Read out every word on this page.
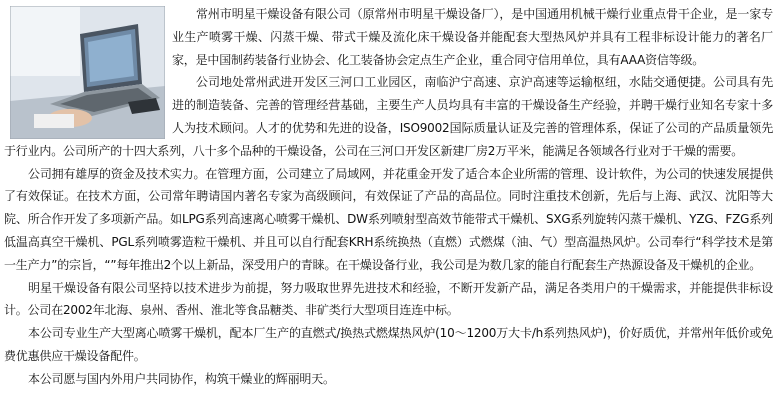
常州市明星干燥设备有限公司（原常州市明星干燥设备厂），是中国通用机械干燥行业重点骨干企业，是一家专业生产喷雾干燥、闪蒸干燥、带式干燥及流化床干燥设备并能配套大型热风炉并具有工程非标设计能力的著名厂家，是中国制药装备行业协会、化工装备协会定点生产企业，重合同守信用单位，具有AAA资信等级。

公司地处常州武进开发区三河口工业园区，南临沪宁高速、京沪高速等运输枢纽，水陆交通便捷。公司具有先进的制造装备、完善的管理经营基础，主要生产人员均具有丰富的干燥设备生产经验，并聘干燥行业知名专家十多人为技术顾问。人才的优势和先进的设备，ISO9002国际质量认证及完善的管理体系，保证了公司的产品质量领先于行业内。公司所产的十四大系列，八十多个品种的干燥设备，公司在三河口开发区新建厂房2万平米，能满足各领域各行业对于干燥的需要。

公司拥有雄厚的资金及技术实力。在管理方面，公司建立了局域网，并花重金开发了适合本企业所需的管理、设计软件，为公司的快速发展提供了有效保证。在技术方面，公司常年聘请国内著名专家为高级顾问，有效保证了产品的高品位。同时注重技术创新，先后与上海、武汉、沈阳等大院、所合作开发了多项新产品。如LPG系列高速离心喷雾干燥机、DW系列喷射型高效节能带式干燥机、SXG系列旋转闪蒸干燥机、YZG、FZG系列低温高真空干燥机、PGL系列喷雾造粒干燥机、并且可以自行配套KRH系统换热（直燃）式燃煤（油、气）型高温热风炉。公司奉行“科学技术是第一生产力”的宗旨，“”每年推出2个以上新品，深受用户的青睐。在干燥设备行业，我公司是为数几家的能自行配套生产热源设备及干燥机的企业。

明星干燥设备有限公司坚持以技术进步为前提，努力吸取世界先进技术和经验，不断开发新产品，满足各类用户的干燥需求，并能提供非标设计。公司在2002年北海、泉州、香州、淮北等食品糖类、非矿类行大型项目连连中标。

本公司专业生产大型离心喷雾干燥机，配本厂生产的直燃式/换热式燃煤热风炉(10～1200万大卡/h系列热风炉)，价好质优，并常州年低价或免费优惠供应干燥设备配件。

本公司愿与国内外用户共同协作，构筑干燥业的辉丽明天。
